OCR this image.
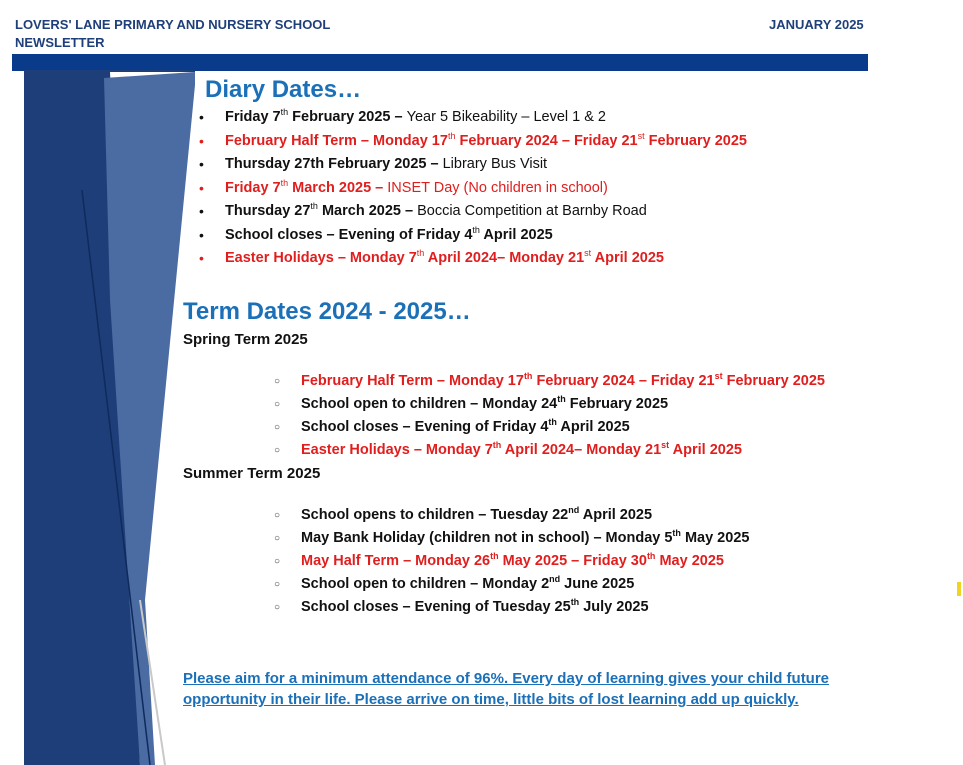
LOVERS' LANE PRIMARY AND NURSERY SCHOOL
NEWSLETTER
JANUARY 2025
Diary Dates…
• Friday 7th February 2025 – Year 5 Bikeability – Level 1 & 2
• February Half Term – Monday 17th February 2024 – Friday 21st February 2025
• Thursday 27th February 2025 – Library Bus Visit
• Friday 7th March 2025 – INSET Day (No children in school)
• Thursday 27th March 2025 – Boccia Competition at Barnby Road
• School closes – Evening of Friday 4th April 2025
• Easter Holidays – Monday 7th April 2024– Monday 21st April 2025
Term Dates 2024 - 2025…
Spring Term 2025
○ February Half Term – Monday 17th February 2024 – Friday 21st February 2025
○ School open to children – Monday 24th February 2025
○ School closes – Evening of Friday 4th April 2025
○ Easter Holidays – Monday 7th April 2024– Monday 21st April 2025
Summer Term 2025
○ School opens to children – Tuesday 22nd April 2025
○ May Bank Holiday (children not in school) – Monday 5th May 2025
○ May Half Term – Monday 26th May 2025 – Friday 30th May 2025
○ School open to children – Monday 2nd June 2025
○ School closes – Evening of Tuesday 25th July 2025
Please aim for a minimum attendance of 96%. Every day of learning gives your child future opportunity in their life. Please arrive on time, little bits of lost learning add up quickly.
